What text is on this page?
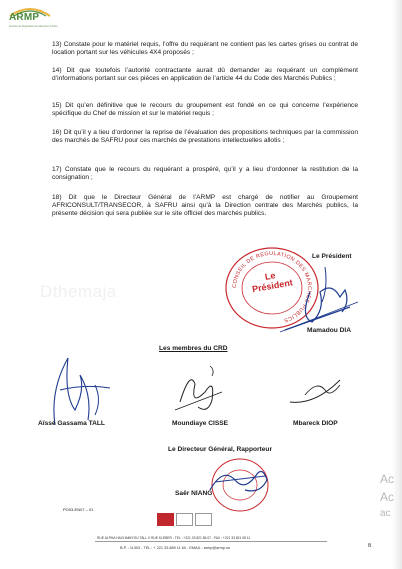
ARMP
Autorité de Régulation des Marchés Publics
13) Constate pour le matériel requis, l’offre du requérant ne contient pas les cartes grises ou contrat de location portant sur les véhicules 4X4 proposés ;
14) Dit que toutefois l’autorité contractante aurait dû demander au requérant un complément d’informations portant sur ces pièces en application de l’article 44 du Code des Marchés Publics ;
15) Dit qu’en définitive que le recours du groupement est fondé en ce qui concerne l’expérience spécifique du Chef de mission et sur le matériel requis ;
16) Dit qu’il y a lieu d’ordonner la reprise de l’évaluation des propositions techniques par la commission des marchés de SAFRU pour ces marchés de prestations intellectuelles allotis ;
17) Constate que le recours du requérant a prospéré, qu’il y a lieu d’ordonner la restitution de la consignation ;
18) Dit que le Directeur Général de l’ARMP est chargé de notifier au Groupement AFRICONSULT/TRANSECOR, à SAFRU ainsi qu’à la Direction centrale des Marchés publics, la présente décision qui sera publiée sur le site officiel des marchés publics.
Dthemaja
Le Président
CONSEIL DE REGULATION DES MARCHES PUBLICS
Le Président
Mamadou DIA
Les membres du CRD
Aïssé Gassama TALL	Moundiaye CISSE	Mbareck DIOP
Le Directeur Général, Rapporteur
Saër NIANG
PO03-EN07 – 01
RUE ALPHA HACHAMIYOU TALL X RUE KLEBER - TEL : +221 33 821 86 07 - FAX : +221 33 821 08 11
B.P. : 11303 - TEL : + 221 33 889 11 60 - EMAIL : armp@armp.sn	8
Ac
Ac
ac
